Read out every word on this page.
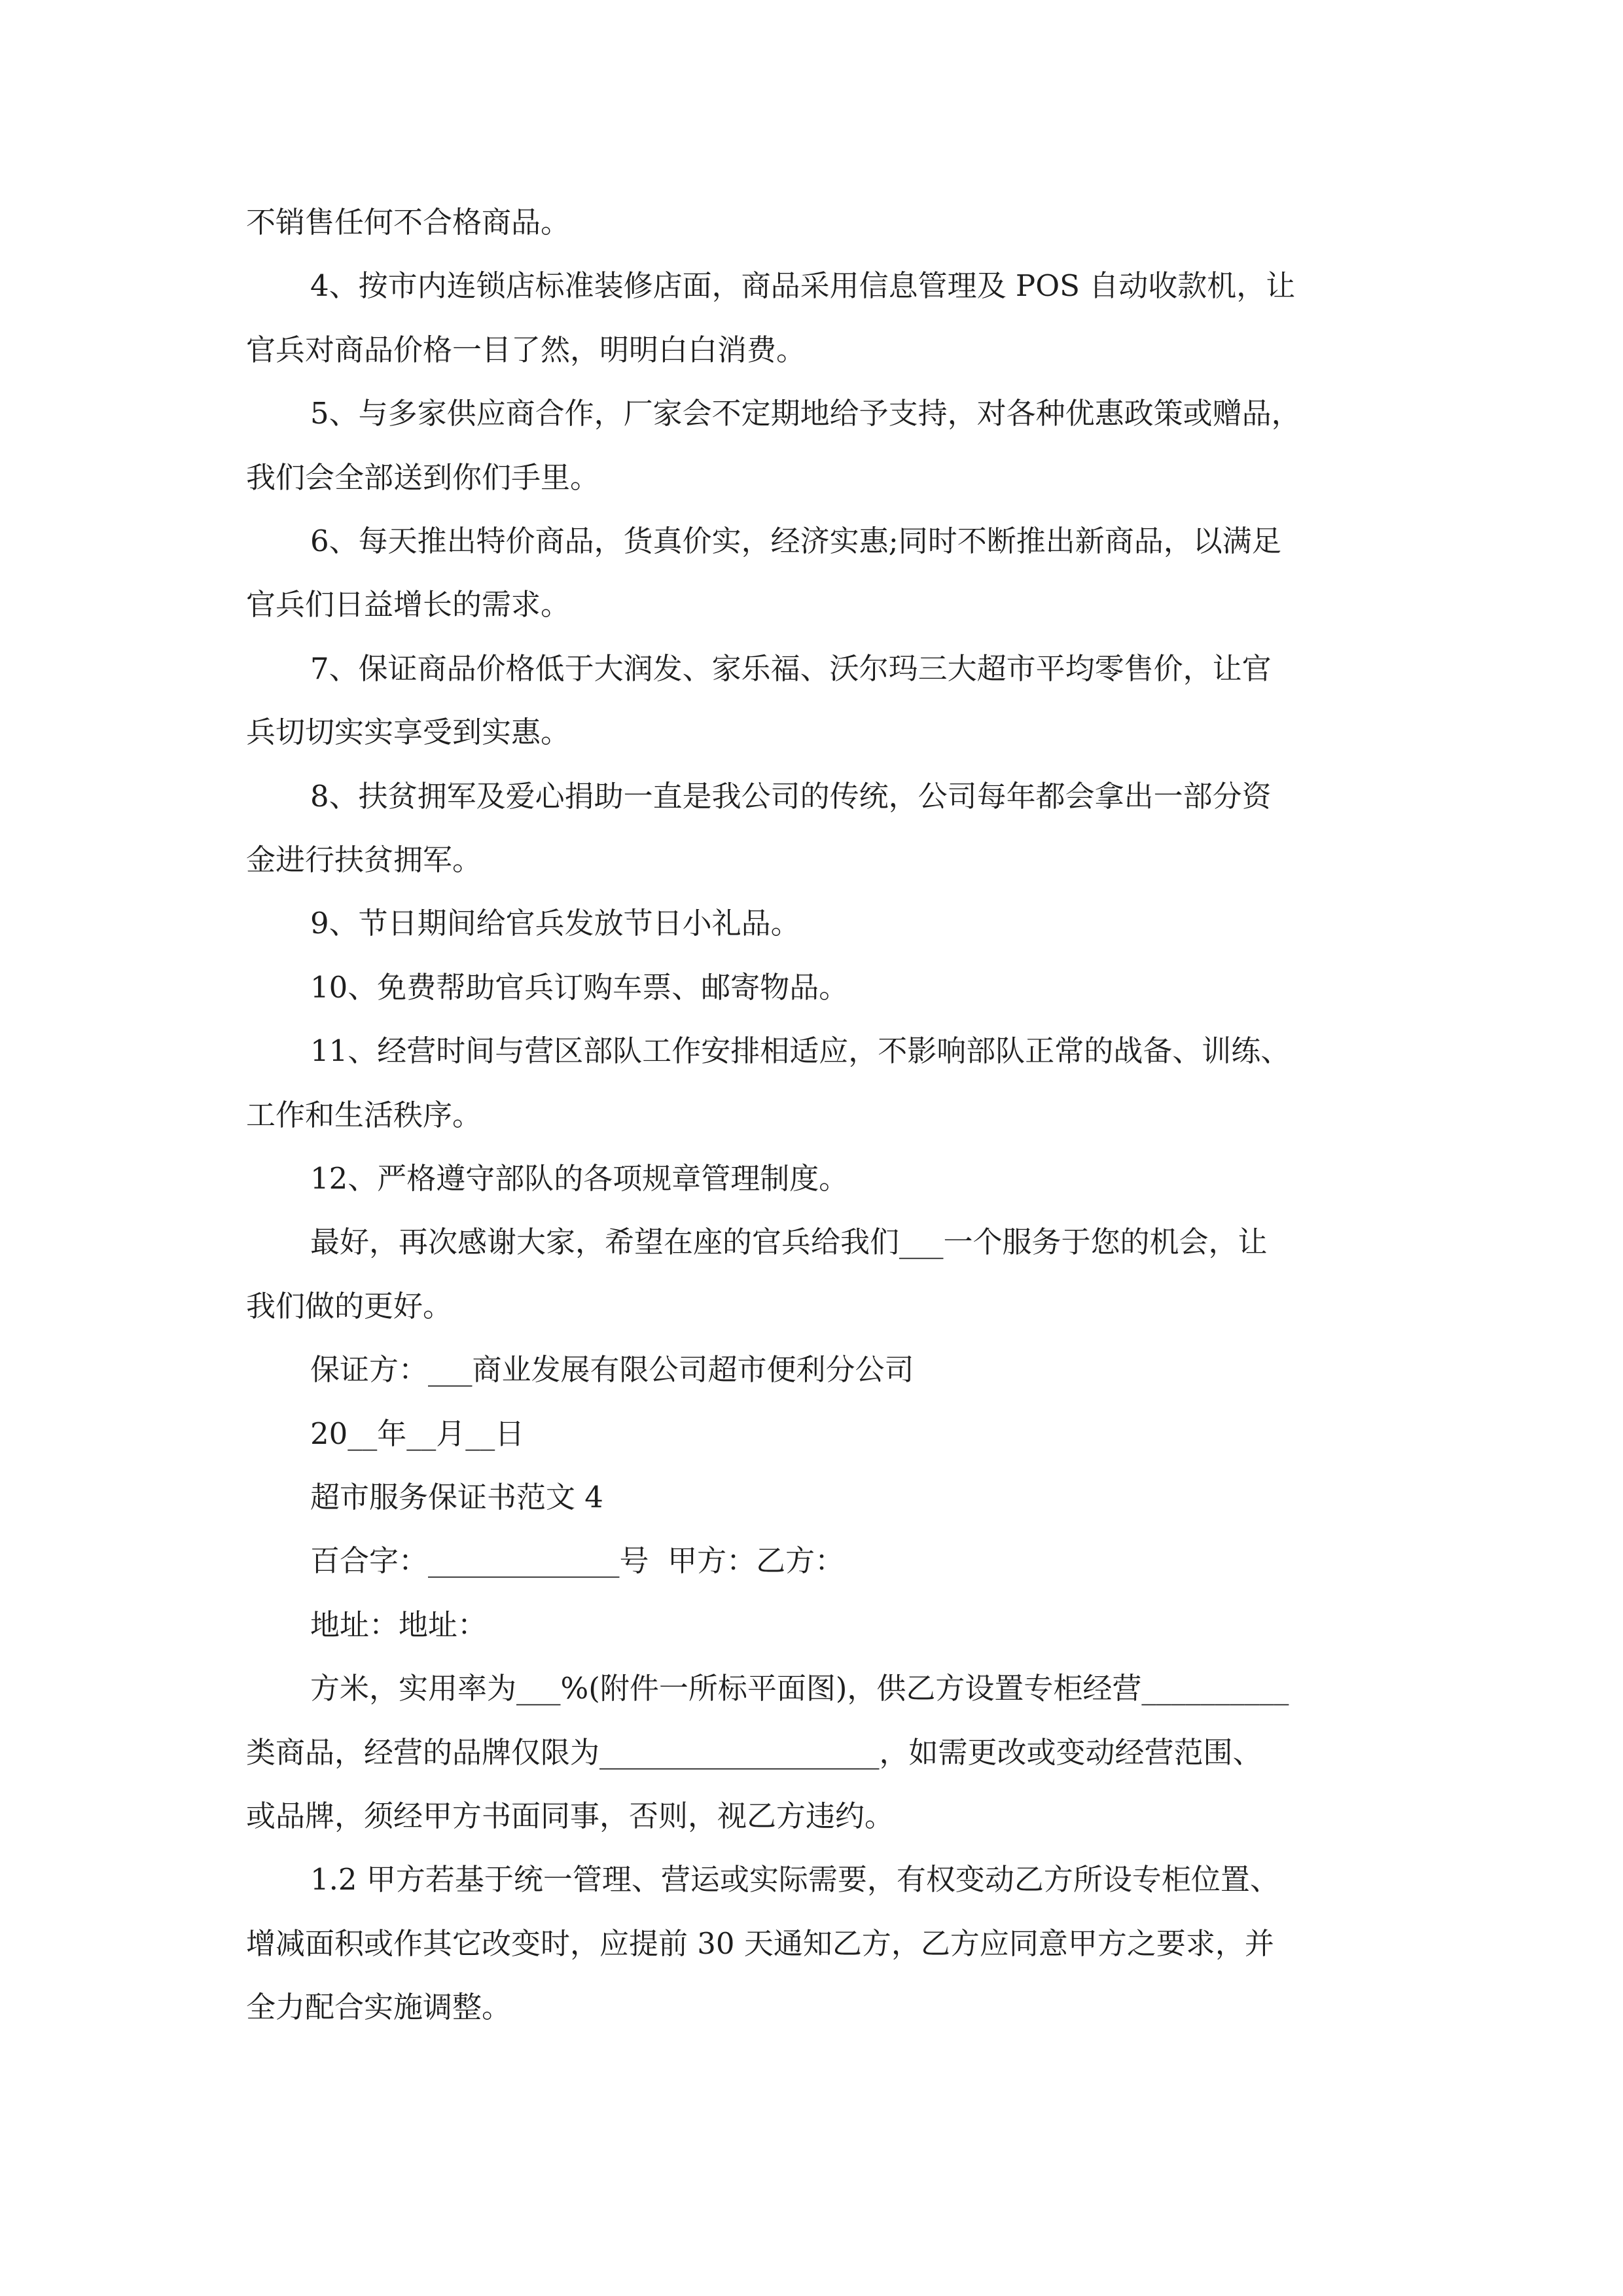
不销售任何不合格商品。

4、按市内连锁店标准装修店面，商品采用信息管理及 POS 自动收款机，让

官兵对商品价格一目了然，明明白白消费。

5、与多家供应商合作，厂家会不定期地给予支持，对各种优惠政策或赠品，

我们会全部送到你们手里。

6、每天推出特价商品，货真价实，经济实惠;同时不断推出新商品，以满足

官兵们日益增长的需求。

7、保证商品价格低于大润发、家乐福、沃尔玛三大超市平均零售价，让官

兵切切实实享受到实惠。

8、扶贫拥军及爱心捐助一直是我公司的传统，公司每年都会拿出一部分资

金进行扶贫拥军。

9、节日期间给官兵发放节日小礼品。

10、免费帮助官兵订购车票、邮寄物品。

11、经营时间与营区部队工作安排相适应，不影响部队正常的战备、训练、

工作和生活秩序。

12、严格遵守部队的各项规章管理制度。

最好，再次感谢大家，希望在座的官兵给我们___一个服务于您的机会，让

我们做的更好。

保证方：___商业发展有限公司超市便利分公司

20__年__月__日

超市服务保证书范文 4

百合字：_____________号  甲方：乙方：

地址：地址：

方米，实用率为___%(附件一所标平面图)，供乙方设置专柜经营__________

类商品，经营的品牌仅限为___________________，如需更改或变动经营范围、

或品牌，须经甲方书面同事，否则，视乙方违约。

1.2 甲方若基于统一管理、营运或实际需要，有权变动乙方所设专柜位置、

增减面积或作其它改变时，应提前 30 天通知乙方，乙方应同意甲方之要求，并

全力配合实施调整。
